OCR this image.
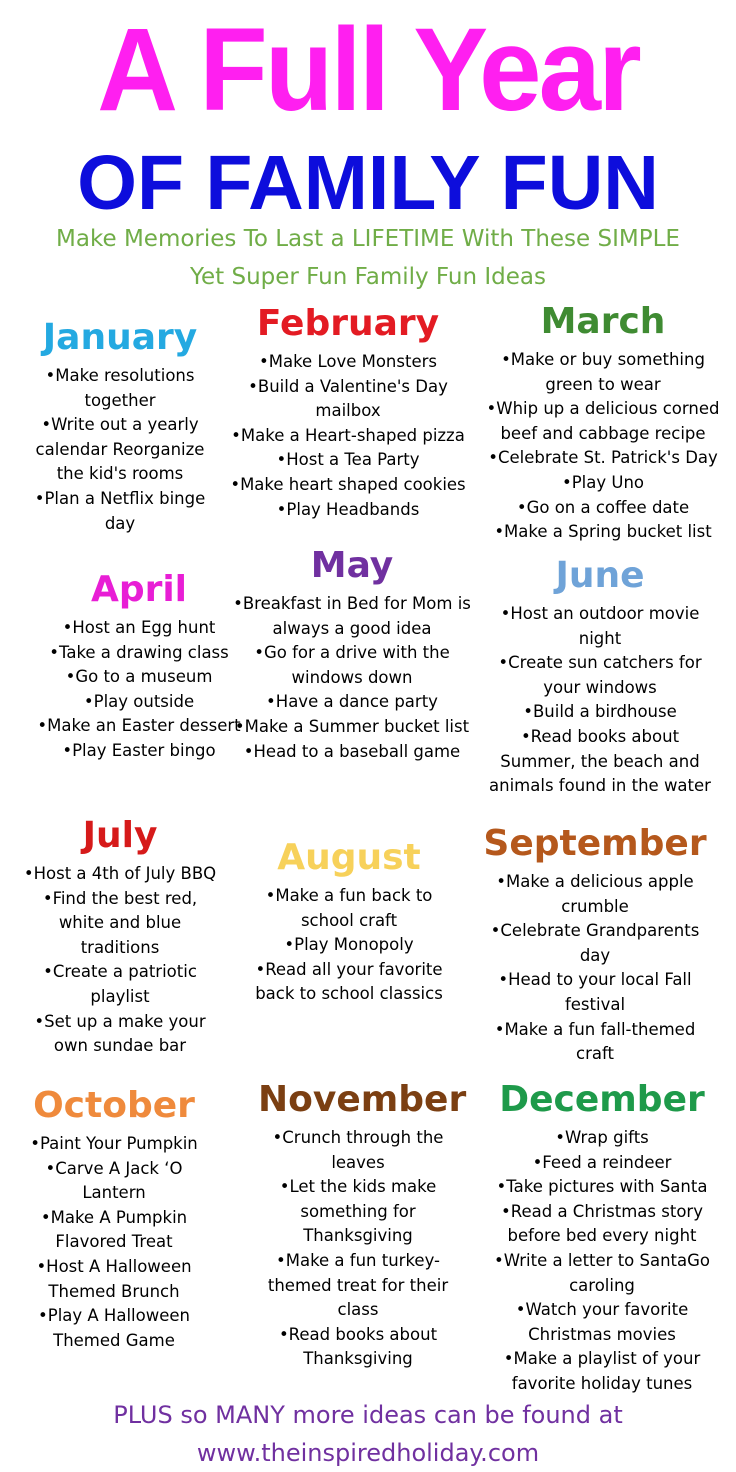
A Full Year
OF FAMILY FUN
Make Memories To Last a LIFETIME With These SIMPLE
Yet Super Fun Family Fun Ideas
January
• Make resolutions together
• Write out a yearly calendar Reorganize the kid's rooms
• Plan a Netflix binge day
February
• Make Love Monsters
• Build a Valentine's Day mailbox
• Make a Heart-shaped pizza
• Host a Tea Party
• Make heart shaped cookies
• Play Headbands
March
• Make or buy something green to wear
• Whip up a delicious corned beef and cabbage recipe
• Celebrate St. Patrick's Day
• Play Uno
• Go on a coffee date
• Make a Spring bucket list
April
• Host an Egg hunt
• Take a drawing class
• Go to a museum
• Play outside
• Make an Easter dessert
• Play Easter bingo
May
• Breakfast in Bed for Mom is always a good idea
• Go for a drive with the windows down
• Have a dance party
• Make a Summer bucket list
• Head to a baseball game
June
• Host an outdoor movie night
• Create sun catchers for your windows
• Build a birdhouse
• Read books about Summer, the beach and animals found in the water
July
• Host a 4th of July BBQ
• Find the best red, white and blue traditions
• Create a patriotic playlist
• Set up a make your own sundae bar
August
• Make a fun back to school craft
• Play Monopoly
• Read all your favorite back to school classics
September
• Make a delicious apple crumble
• Celebrate Grandparents day
• Head to your local Fall festival
• Make a fun fall-themed craft
October
• Paint Your Pumpkin
• Carve A Jack ‘O Lantern
• Make A Pumpkin Flavored Treat
• Host A Halloween Themed Brunch
• Play A Halloween Themed Game
November
• Crunch through the leaves
• Let the kids make something for Thanksgiving
• Make a fun turkey-themed treat for their class
• Read books about Thanksgiving
December
• Wrap gifts
• Feed a reindeer
• Take pictures with Santa
• Read a Christmas story before bed every night
• Write a letter to SantaGo caroling
• Watch your favorite Christmas movies
• Make a playlist of your favorite holiday tunes
PLUS so MANY more ideas can be found at
www.theinspiredholiday.com
